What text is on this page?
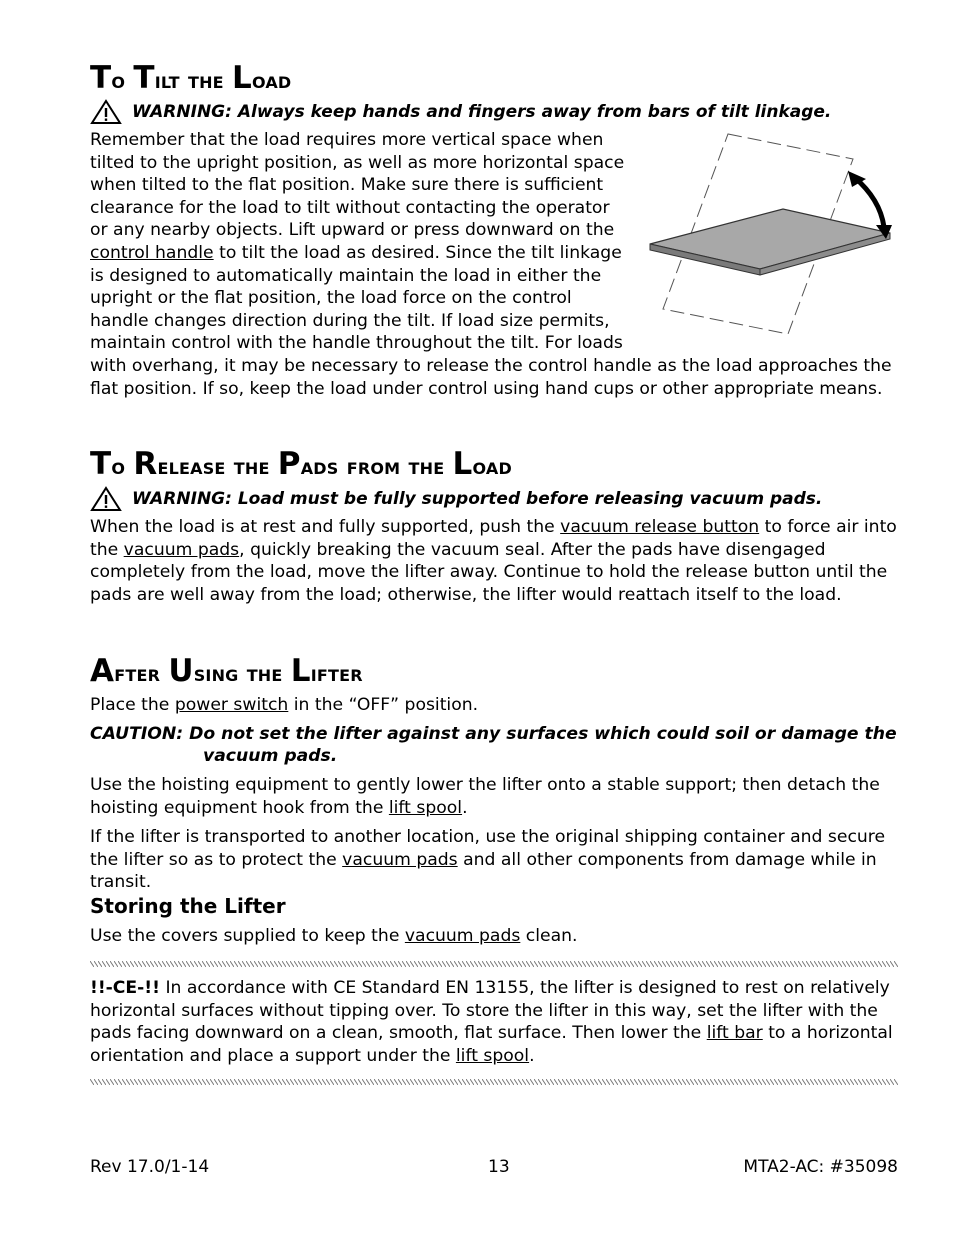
To Tilt the Load
WARNING: Always keep hands and fingers away from bars of tilt linkage.
Remember that the load requires more vertical space when tilted to the upright position, as well as more horizontal space when tilted to the flat position. Make sure there is sufficient clearance for the load to tilt without contacting the operator or any nearby objects. Lift upward or press downward on the control handle to tilt the load as desired. Since the tilt linkage is designed to automatically maintain the load in either the upright or the flat position, the load force on the control handle changes direction during the tilt. If load size permits, maintain control with the handle throughout the tilt. For loads with overhang, it may be necessary to release the control handle as the load approaches the flat position. If so, keep the load under control using hand cups or other appropriate means.
To Release the Pads from the Load
WARNING: Load must be fully supported before releasing vacuum pads.

When the load is at rest and fully supported, push the vacuum release button to force air into the vacuum pads, quickly breaking the vacuum seal. After the pads have disengaged completely from the load, move the lifter away. Continue to hold the release button until the pads are well away from the load; otherwise, the lifter would reattach itself to the load.

After Using the Lifter

Place the power switch in the “OFF” position.

CAUTION: Do not set the lifter against any surfaces which could soil or damage the
vacuum pads.

Use the hoisting equipment to gently lower the lifter onto a stable support; then detach the hoisting equipment hook from the lift spool.

If the lifter is transported to another location, use the original shipping container and secure the lifter so as to protect the vacuum pads and all other components from damage while in transit.

Storing the Lifter

Use the covers supplied to keep the vacuum pads clean.

!!-CE-!! In accordance with CE Standard EN 13155, the lifter is designed to rest on relatively horizontal surfaces without tipping over. To store the lifter in this way, set the lifter with the pads facing downward on a clean, smooth, flat surface. Then lower the lift bar to a horizontal orientation and place a support under the lift spool.

Rev 17.0/1-14	13	MTA2-AC: #35098
